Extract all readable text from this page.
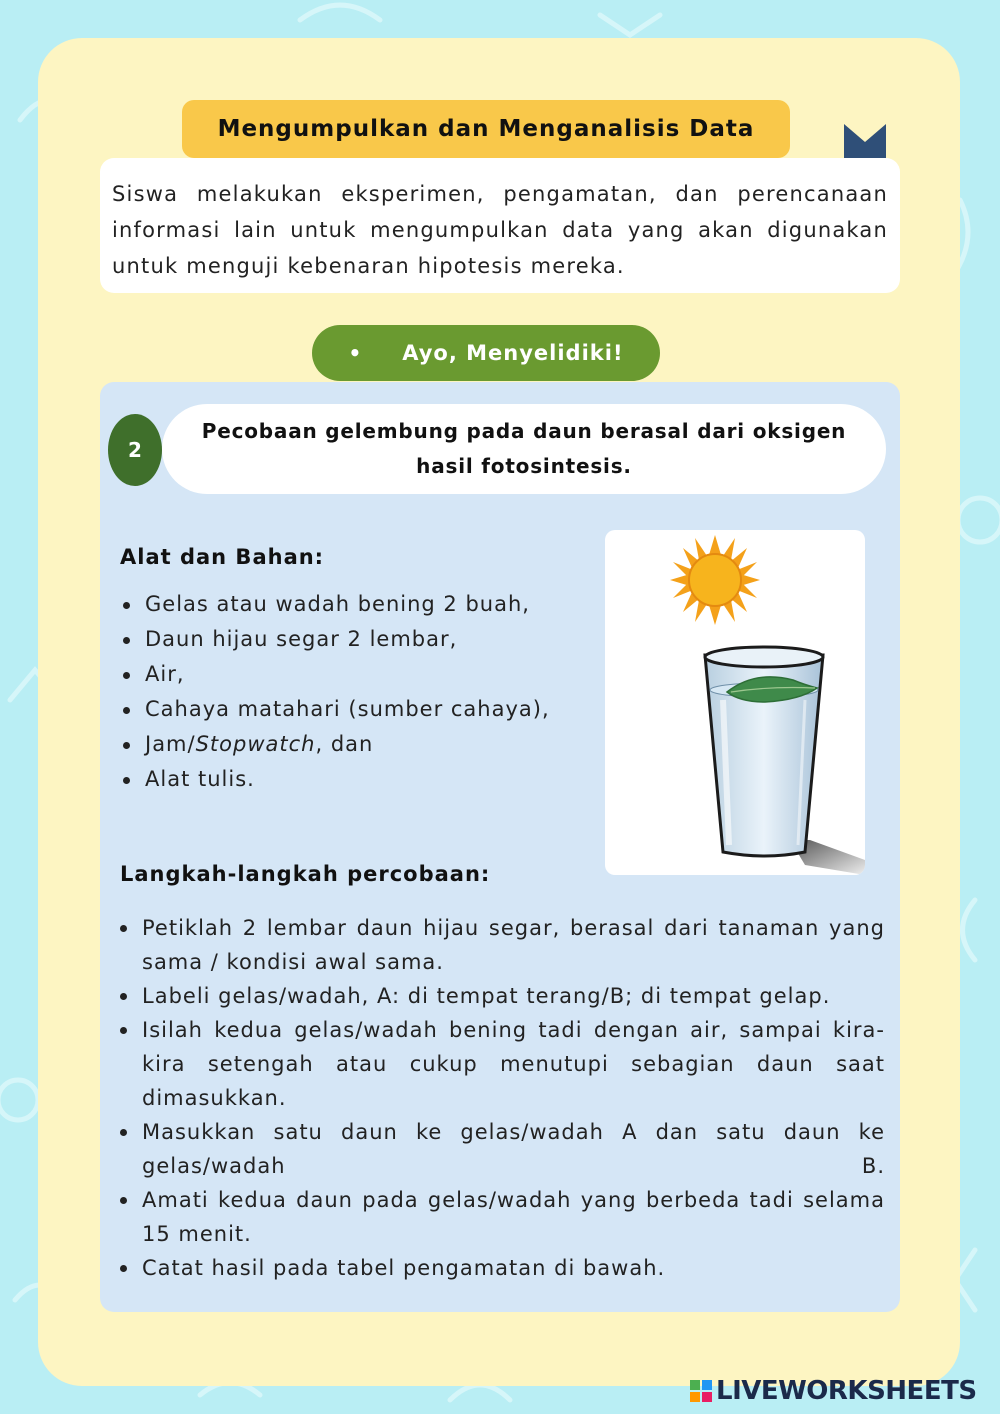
Mengumpulkan dan Menganalisis Data
Siswa melakukan eksperimen, pengamatan, dan perencanaan informasi lain untuk mengumpulkan data yang akan digunakan untuk menguji kebenaran hipotesis mereka.
• Ayo, Menyelidiki!
2
Pecobaan gelembung pada daun berasal dari oksigen
hasil fotosintesis.
Alat dan Bahan:
Gelas atau wadah bening 2 buah,
Daun hijau segar 2 lembar,
Air,
Cahaya matahari (sumber cahaya),
Jam/Stopwatch, dan
Alat tulis.
Langkah-langkah percobaan:
Petiklah 2 lembar daun hijau segar, berasal dari tanaman yang sama / kondisi awal sama.
Labeli gelas/wadah, A: di tempat terang/B; di tempat gelap.
Isilah kedua gelas/wadah bening tadi dengan air, sampai kira-kira setengah atau cukup menutupi sebagian daun saat dimasukkan.
Masukkan satu daun ke gelas/wadah A dan satu daun ke gelas/wadah B.
Amati kedua daun pada gelas/wadah yang berbeda tadi selama 15 menit.
Catat hasil pada tabel pengamatan di bawah.
LIVEWORKSHEETS
